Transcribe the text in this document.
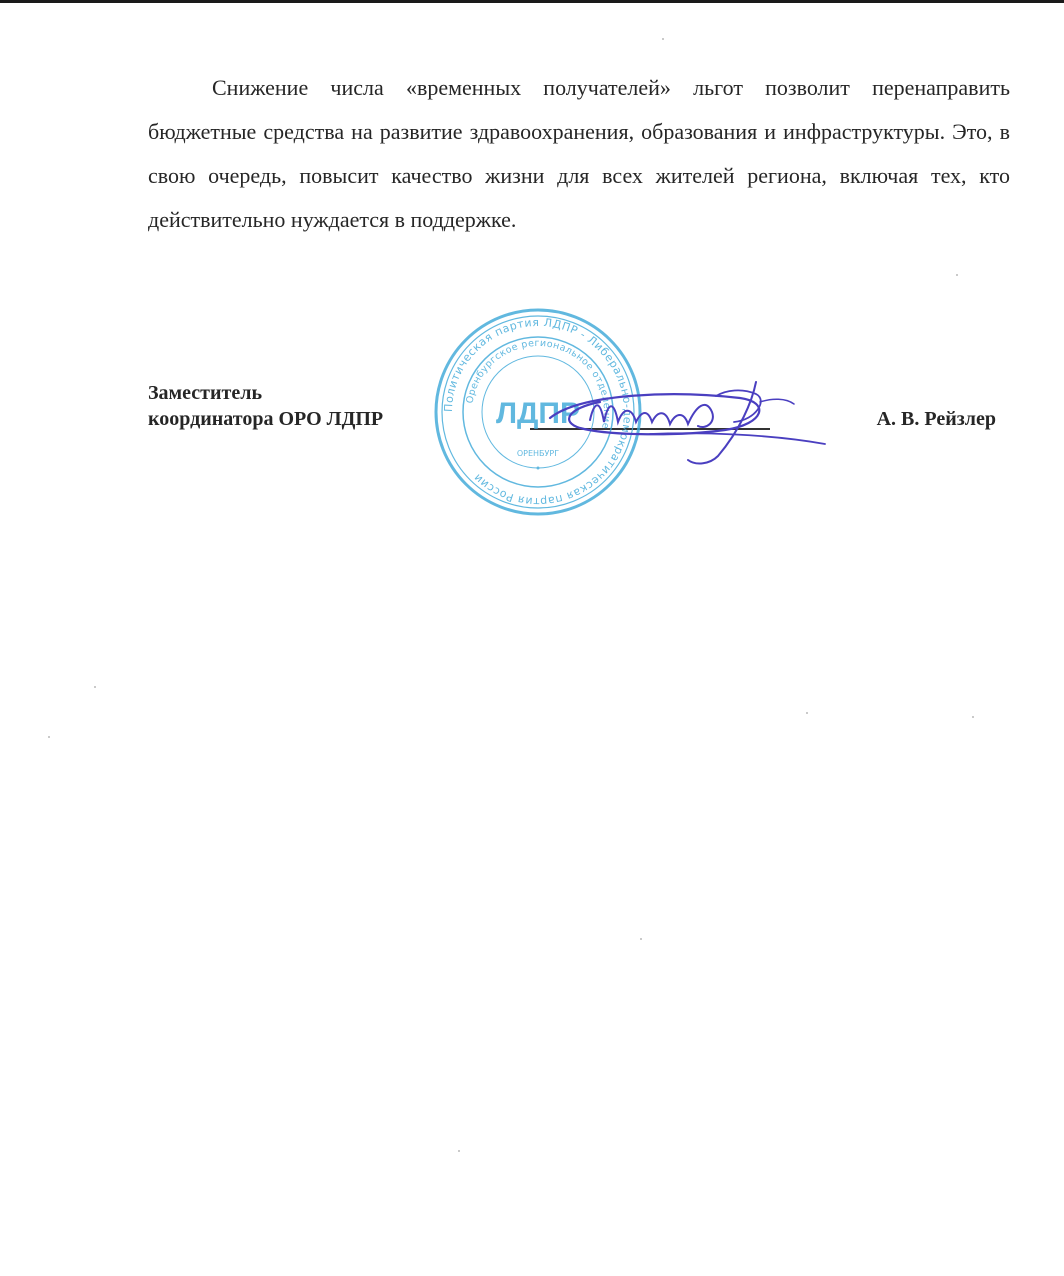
Снижение числа «временных получателей» льгот позволит перенаправить бюджетные средства на развитие здравоохранения, образования и инфраструктуры. Это, в свою очередь, повысит качество жизни для всех жителей региона, включая тех, кто действительно нуждается в поддержке.

Заместитель
координатора ОРО ЛДПР
Политическая партия ЛДПР - Либерально-демократическая партия России
Оренбургское региональное отделение
ЛДПР
ОРЕНБУРГ
А. В. Рейзлер
